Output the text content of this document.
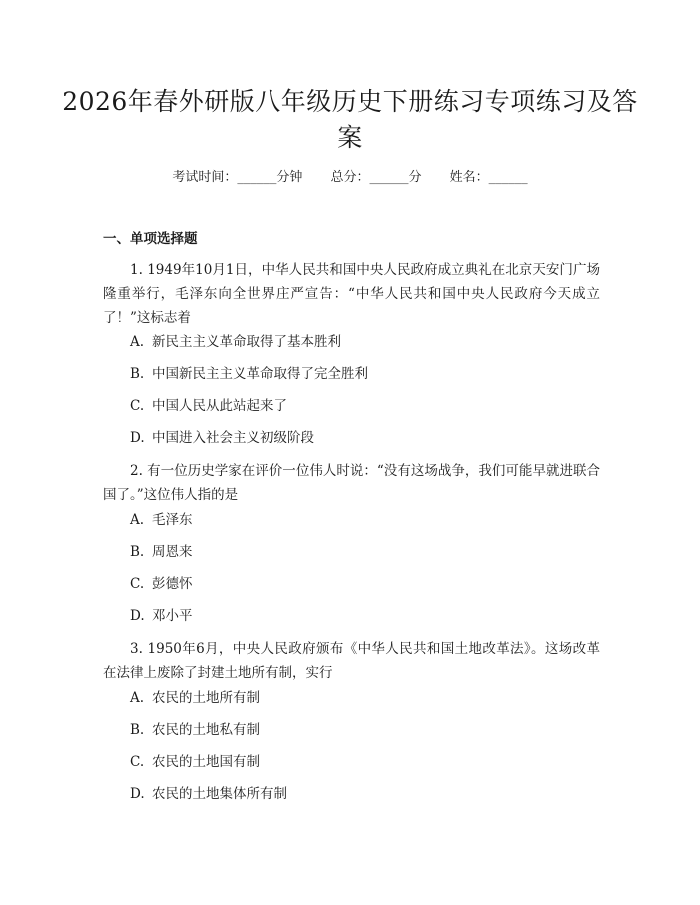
2026年春外研版八年级历史下册练习专项练习及答案
考试时间：______分钟 总分：______分 姓名：______
一、单项选择题

1. 1949年10月1日，中华人民共和国中央人民政府成立典礼在北京天安门广场隆重举行，毛泽东向全世界庄严宣告：“中华人民共和国中央人民政府今天成立了！”这标志着

A. 新民主主义革命取得了基本胜利
B. 中国新民主主义革命取得了完全胜利
C. 中国人民从此站起来了
D. 中国进入社会主义初级阶段

2. 有一位历史学家在评价一位伟人时说：“没有这场战争，我们可能早就进联合国了。”这位伟人指的是

A. 毛泽东
B. 周恩来
C. 彭德怀
D. 邓小平

3. 1950年6月，中央人民政府颁布《中华人民共和国土地改革法》。这场改革在法律上废除了封建土地所有制，实行

A. 农民的土地所有制
B. 农民的土地私有制
C. 农民的土地国有制
D. 农民的土地集体所有制
